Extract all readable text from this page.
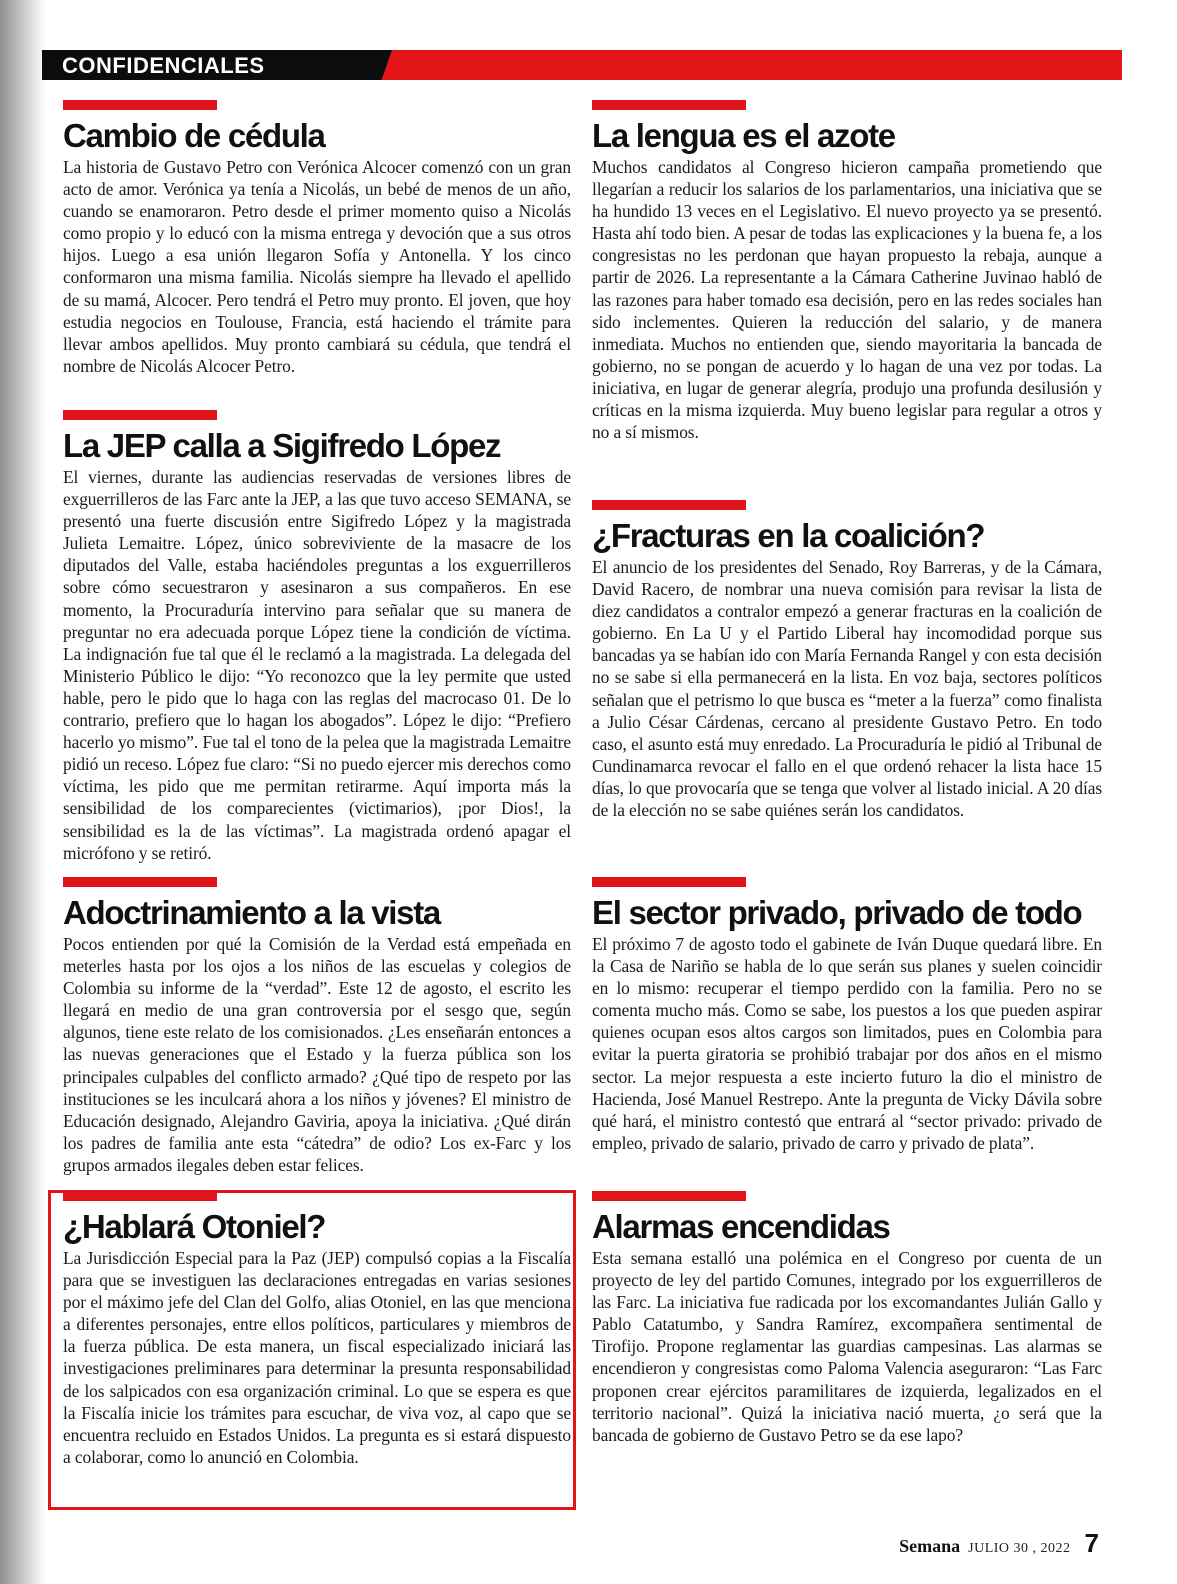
CONFIDENCIALES
Cambio de cédula

La historia de Gustavo Petro con Verónica Alcocer comenzó con un gran acto de amor. Verónica ya tenía a Nicolás, un bebé de menos de un año, cuando se enamoraron. Petro desde el primer momento quiso a Nicolás como propio y lo educó con la misma entrega y devoción que a sus otros hijos. Luego a esa unión llegaron Sofía y Antonella. Y los cinco conformaron una misma familia. Nicolás siempre ha llevado el apellido de su mamá, Alcocer. Pero tendrá el Petro muy pronto. El joven, que hoy estudia negocios en Toulouse, Francia, está haciendo el trámite para llevar ambos apellidos. Muy pronto cambiará su cédula, que tendrá el nombre de Nicolás Alcocer Petro.

La JEP calla a Sigifredo López

El viernes, durante las audiencias reservadas de versiones libres de exguerrilleros de las Farc ante la JEP, a las que tuvo acceso SEMANA, se presentó una fuerte discusión entre Sigifredo López y la magistrada Julieta Lemaitre. López, único sobreviviente de la masacre de los diputados del Valle, estaba haciéndoles preguntas a los exguerrilleros sobre cómo secuestraron y asesinaron a sus compañeros. En ese momento, la Procuraduría intervino para señalar que su manera de preguntar no era adecuada porque López tiene la condición de víctima. La indignación fue tal que él le reclamó a la magistrada. La delegada del Ministerio Público le dijo: “Yo reconozco que la ley permite que usted hable, pero le pido que lo haga con las reglas del macrocaso 01. De lo contrario, prefiero que lo hagan los abogados”. López le dijo: “Prefiero hacerlo yo mismo”. Fue tal el tono de la pelea que la magistrada Lemaitre pidió un receso. López fue claro: “Si no puedo ejercer mis derechos como víctima, les pido que me permitan retirarme. Aquí importa más la sensibilidad de los comparecientes (victimarios), ¡por Dios!, la sensibilidad es la de las víctimas”. La magistrada ordenó apagar el micrófono y se retiró.

Adoctrinamiento a la vista

Pocos entienden por qué la Comisión de la Verdad está empeñada en meterles hasta por los ojos a los niños de las escuelas y colegios de Colombia su informe de la “verdad”. Este 12 de agosto, el escrito les llegará en medio de una gran controversia por el sesgo que, según algunos, tiene este relato de los comisionados. ¿Les enseñarán entonces a las nuevas generaciones que el Estado y la fuerza pública son los principales culpables del conflicto armado? ¿Qué tipo de respeto por las instituciones se les inculcará ahora a los niños y jóvenes? El ministro de Educación designado, Alejandro Gaviria, apoya la iniciativa. ¿Qué dirán los padres de familia ante esta “cátedra” de odio? Los ex-Farc y los grupos armados ilegales deben estar felices.

¿Hablará Otoniel?

La Jurisdicción Especial para la Paz (JEP) compulsó copias a la Fiscalía para que se investiguen las declaraciones entregadas en varias sesiones por el máximo jefe del Clan del Golfo, alias Otoniel, en las que menciona a diferentes personajes, entre ellos políticos, particulares y miembros de la fuerza pública. De esta manera, un fiscal especializado iniciará las investigaciones preliminares para determinar la presunta responsabilidad de los salpicados con esa organización criminal. Lo que se espera es que la Fiscalía inicie los trámites para escuchar, de viva voz, al capo que se encuentra recluido en Estados Unidos. La pregunta es si estará dispuesto a colaborar, como lo anunció en Colombia.

La lengua es el azote

Muchos candidatos al Congreso hicieron campaña prometiendo que llegarían a reducir los salarios de los parlamentarios, una iniciativa que se ha hundido 13 veces en el Legislativo. El nuevo proyecto ya se presentó. Hasta ahí todo bien. A pesar de todas las explicaciones y la buena fe, a los congresistas no les perdonan que hayan propuesto la rebaja, aunque a partir de 2026. La representante a la Cámara Catherine Juvinao habló de las razones para haber tomado esa decisión, pero en las redes sociales han sido inclementes. Quieren la reducción del salario, y de manera inmediata. Muchos no entienden que, siendo mayoritaria la bancada de gobierno, no se pongan de acuerdo y lo hagan de una vez por todas. La iniciativa, en lugar de generar alegría, produjo una profunda desilusión y críticas en la misma izquierda. Muy bueno legislar para regular a otros y no a sí mismos.

¿Fracturas en la coalición?

El anuncio de los presidentes del Senado, Roy Barreras, y de la Cámara, David Racero, de nombrar una nueva comisión para revisar la lista de diez candidatos a contralor empezó a generar fracturas en la coalición de gobierno. En La U y el Partido Liberal hay incomodidad porque sus bancadas ya se habían ido con María Fernanda Rangel y con esta decisión no se sabe si ella permanecerá en la lista. En voz baja, sectores políticos señalan que el petrismo lo que busca es “meter a la fuerza” como finalista a Julio César Cárdenas, cercano al presidente Gustavo Petro. En todo caso, el asunto está muy enredado. La Procuraduría le pidió al Tribunal de Cundinamarca revocar el fallo en el que ordenó rehacer la lista hace 15 días, lo que provocaría que se tenga que volver al listado inicial. A 20 días de la elección no se sabe quiénes serán los candidatos.

El sector privado, privado de todo

El próximo 7 de agosto todo el gabinete de Iván Duque quedará libre. En la Casa de Nariño se habla de lo que serán sus planes y suelen coincidir en lo mismo: recuperar el tiempo perdido con la familia. Pero no se comenta mucho más. Como se sabe, los puestos a los que pueden aspirar quienes ocupan esos altos cargos son limitados, pues en Colombia para evitar la puerta giratoria se prohibió trabajar por dos años en el mismo sector. La mejor respuesta a este incierto futuro la dio el ministro de Hacienda, José Manuel Restrepo. Ante la pregunta de Vicky Dávila sobre qué hará, el ministro contestó que entrará al “sector privado: privado de empleo, privado de salario, privado de carro y privado de plata”.

Alarmas encendidas

Esta semana estalló una polémica en el Congreso por cuenta de un proyecto de ley del partido Comunes, integrado por los exguerrilleros de las Farc. La iniciativa fue radicada por los excomandantes Julián Gallo y Pablo Catatumbo, y Sandra Ramírez, excompañera sentimental de Tirofijo. Propone reglamentar las guardias campesinas. Las alarmas se encendieron y congresistas como Paloma Valencia aseguraron: “Las Farc proponen crear ejércitos paramilitares de izquierda, legalizados en el territorio nacional”. Quizá la iniciativa nació muerta, ¿o será que la bancada de gobierno de Gustavo Petro se da ese lapo?

Semana JULIO 30 , 2022 7
